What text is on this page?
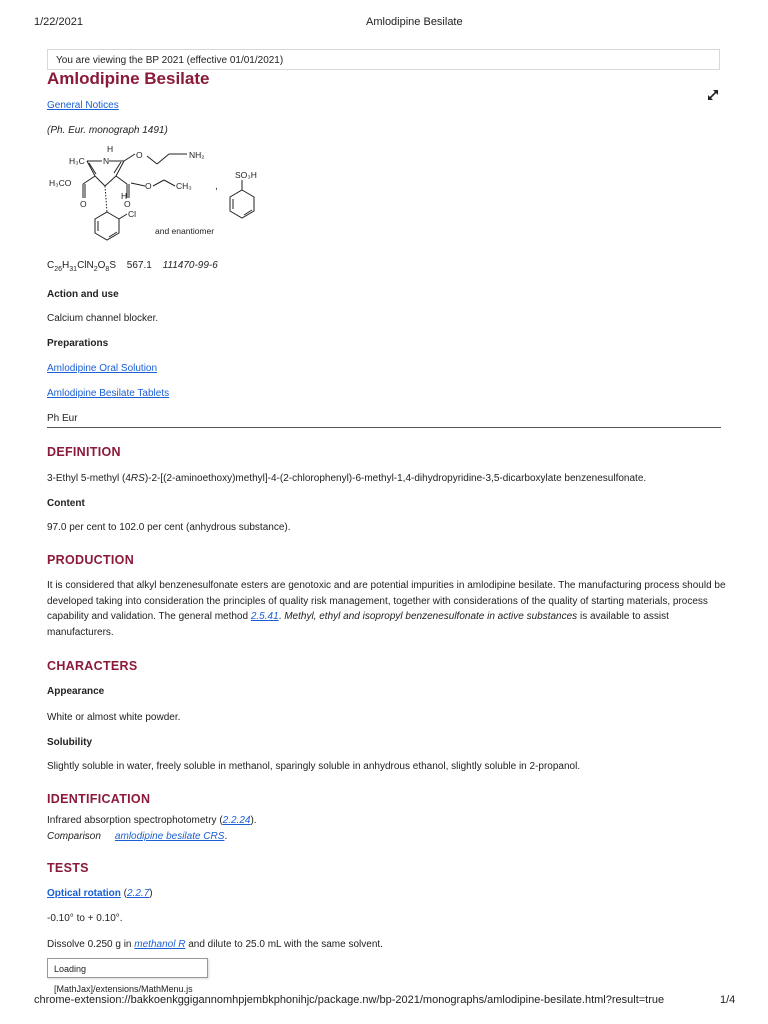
1/22/2021	Amlodipine Besilate
You are viewing the BP 2021 (effective 01/01/2021)
Amlodipine Besilate
General Notices
(Ph. Eur. monograph 1491)
H₃C
H
N
O	NH₂
H₃CO
O
O
O
CH₃
H
Cl
,
SO₃H
and enantiomer
$C_{26}H_{31}ClN_2O_8S$ 567.1 111470-99-6
Action and use
Calcium channel blocker.
Preparations
Amlodipine Oral Solution
Amlodipine Besilate Tablets
Ph Eur
DEFINITION
3-Ethyl 5-methyl (4RS)-2-[(2-aminoethoxy)methyl]-4-(2-chlorophenyl)-6-methyl-1,4-dihydropyridine-3,5-dicarboxylate benzenesulfonate.
Content
97.0 per cent to 102.0 per cent (anhydrous substance).
PRODUCTION
It is considered that alkyl benzenesulfonate esters are genotoxic and are potential impurities in amlodipine besilate. The manufacturing process should be developed taking into consideration the principles of quality risk management, together with considerations of the quality of starting materials, process capability and validation. The general method 2.5.41. Methyl, ethyl and isopropyl benzenesulfonate in active substances is available to assist manufacturers.
CHARACTERS
Appearance
White or almost white powder.
Solubility
Slightly soluble in water, freely soluble in methanol, sparingly soluble in anhydrous ethanol, slightly soluble in 2-propanol.
IDENTIFICATION
Infrared absorption spectrophotometry (2.2.24).
Comparison amlodipine besilate CRS.
TESTS
Optical rotation (2.2.7)
-0.10° to + 0.10°.
Dissolve 0.250 g in methanol R and dilute to 25.0 mL with the same solvent.
Loading [MathJax]/extensions/MathMenu.js
chrome-extension://bakkoenkggigannomhpjembkphonihjc/package.nw/bp-2021/monographs/amlodipine-besilate.html?result=true	1/4
